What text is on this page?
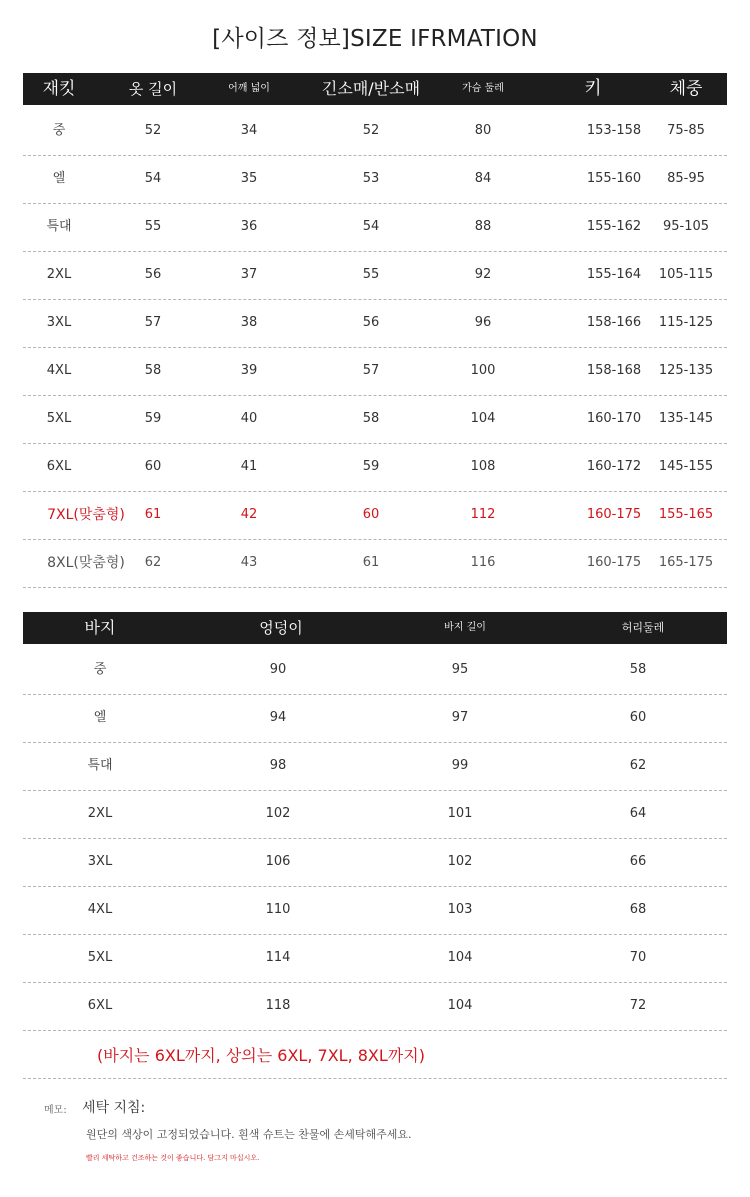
[사이즈 정보]SIZE IFRMATION
재킷	옷 길이	어깨 넓이	긴소매/반소매	가슴 둘레	키	체중
중	52	34	52	80	153-158	75-85
엘	54	35	53	84	155-160	85-95
특대	55	36	54	88	155-162	95-105
2XL	56	37	55	92	155-164	105-115
3XL	57	38	56	96	158-166	115-125
4XL	58	39	57	100	158-168	125-135
5XL	59	40	58	104	160-170	135-145
6XL	60	41	59	108	160-172	145-155
7XL(맞춤형)	61	42	60	112	160-175	155-165
8XL(맞춤형)	62	43	61	116	160-175	165-175
바지	엉덩이	바지 길이	허리둘레
중	90	95	58
엘	94	97	60
특대	98	99	62
2XL	102	101	64
3XL	106	102	66
4XL	110	103	68
5XL	114	104	70
6XL	118	104	72
(바지는 6XL까지, 상의는 6XL, 7XL, 8XL까지)
메모: 세탁 지침:
원단의 색상이 고정되었습니다. 흰색 슈트는 찬물에 손세탁해주세요.
빨리 세탁하고 건조하는 것이 좋습니다. 담그지 마십시오.
